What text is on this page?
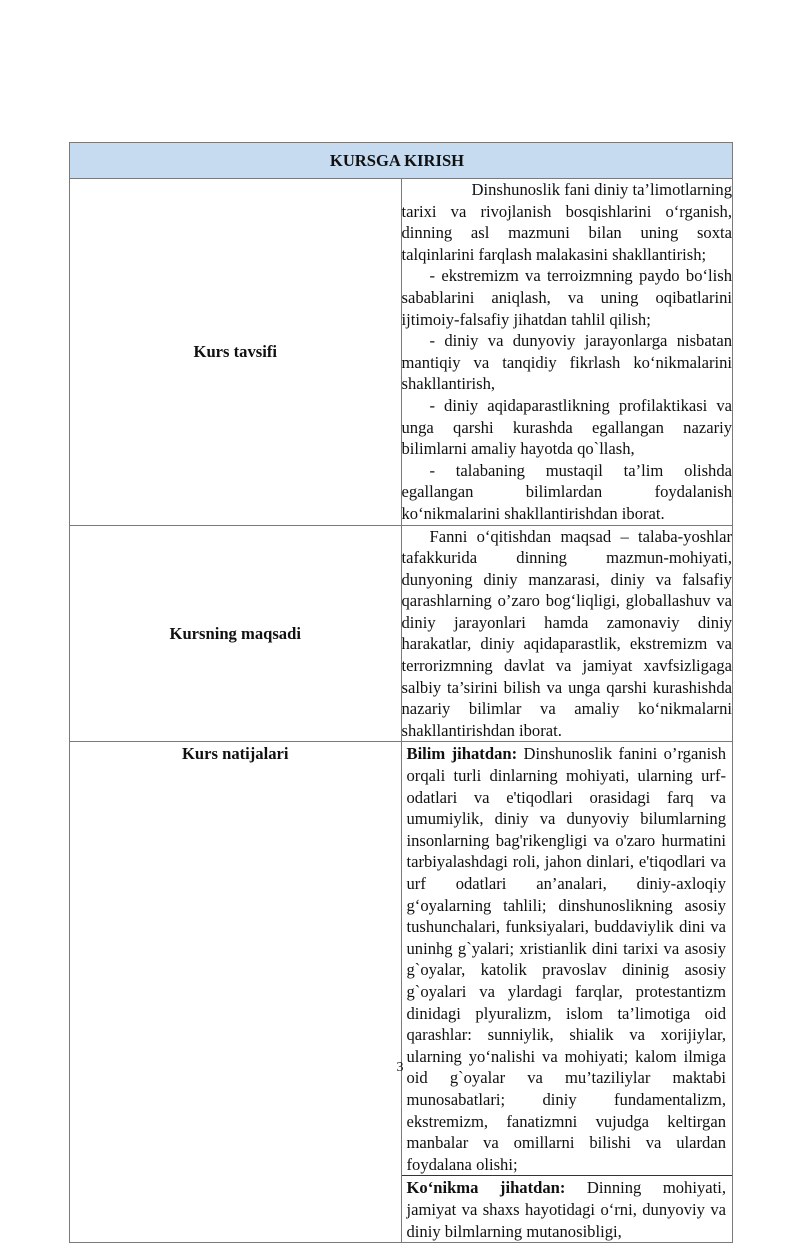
KURSGA KIRISH	
Kurs tavsifi	Dinshunoslik fani diniy ta’limotlarning tarixi va rivojlanish bosqishlarini o‘rganish, dinning asl mazmuni bilan uning soxta talqinlarini farqlash malakasini shakllantirish;

- ekstremizm va terroizmning paydo bo‘lish sabablarini aniqlash, va uning oqibatlarini ijtimoiy-falsafiy jihatdan tahlil qilish;

- diniy va dunyoviy jarayonlarga nisbatan mantiqiy va tanqidiy fikrlash ko‘nikmalarini shakllantirish,

- diniy aqidaparastlikning profilaktikasi va unga qarshi kurashda egallangan nazariy bilimlarni amaliy hayotda qo`llash,

- talabaning mustaqil ta’lim olishda egallangan bilimlardan foydalanish ko‘nikmalarini shakllantirishdan iborat.

Kursning maqsadi	Fanni o‘qitishdan maqsad – talaba-yoshlar tafakkurida dinning mazmun-mohiyati, dunyoning diniy manzarasi, diniy va falsafiy qarashlarning o’zaro bog‘liqligi, globallashuv va diniy jarayonlari hamda zamonaviy diniy harakatlar, diniy aqidaparastlik, ekstremizm va terrorizmning davlat va jamiyat xavfsizligaga salbiy ta’sirini bilish va unga qarshi kurashishda nazariy bilimlar va amaliy ko‘nikmalarni shakllantirishdan iborat.

Kurs natijalari	Bilim jihatdan: Dinshunoslik fanini o’rganish orqali turli dinlarning mohiyati, ularning urf-odatlari va e'tiqodlari orasidagi farq va umumiylik, diniy va dunyoviy bilumlarning insonlarning bag'rikengligi va o'zaro hurmatini tarbiyalashdagi roli, jahon dinlari, e'tiqodlari va urf odatlari an’analari, diniy-axloqiy g‘oyalarning tahlili; dinshunoslikning asosiy tushunchalari, funksiyalari, buddaviylik dini va uninhg g`yalari; xristianlik dini tarixi va asosiy g`oyalar, katolik pravoslav dininig asosiy g`oyalari va ylardagi farqlar, protestantizm dinidagi plyuralizm, islom ta’limotiga oid qarashlar: sunniylik, shialik va xorijiylar, ularning yo‘nalishi va mohiyati; kalom ilmiga oid g`oyalar va mu’taziliylar maktabi munosabatlari; diniy fundamentalizm, ekstremizm, fanatizmni vujudga keltirgan manbalar va omillarni bilishi va ulardan foydalana olishi;

Ko‘nikma jihatdan: Dinning mohiyati, jamiyat va shaxs hayotidagi o‘rni, dunyoviy va diniy bilmlarning mutanosibligi,

3
